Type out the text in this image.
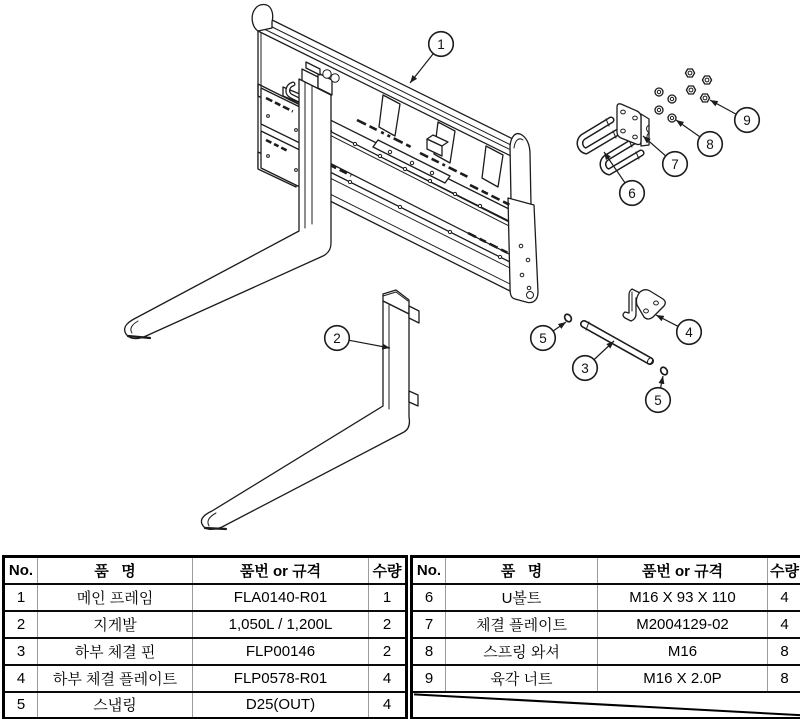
1
2
3
4
5
5
6
7
8
9
No.	품   명	품번 or 규격	수량
1	메인 프레임	FLA0140-R01	1
2	지게발	1,050L / 1,200L	2
3	하부 체결 핀	FLP00146	2
4	하부 체결 플레이트	FLP0578-R01	4
5	스냅링	D25(OUT)	4
No.	품   명	품번 or 규격	수량
6	U볼트	M16 X 93 X 110	4
7	체결 플레이트	M2004129-02	4
8	스프링 와셔	M16	8
9	육각 너트	M16 X 2.0P	8
